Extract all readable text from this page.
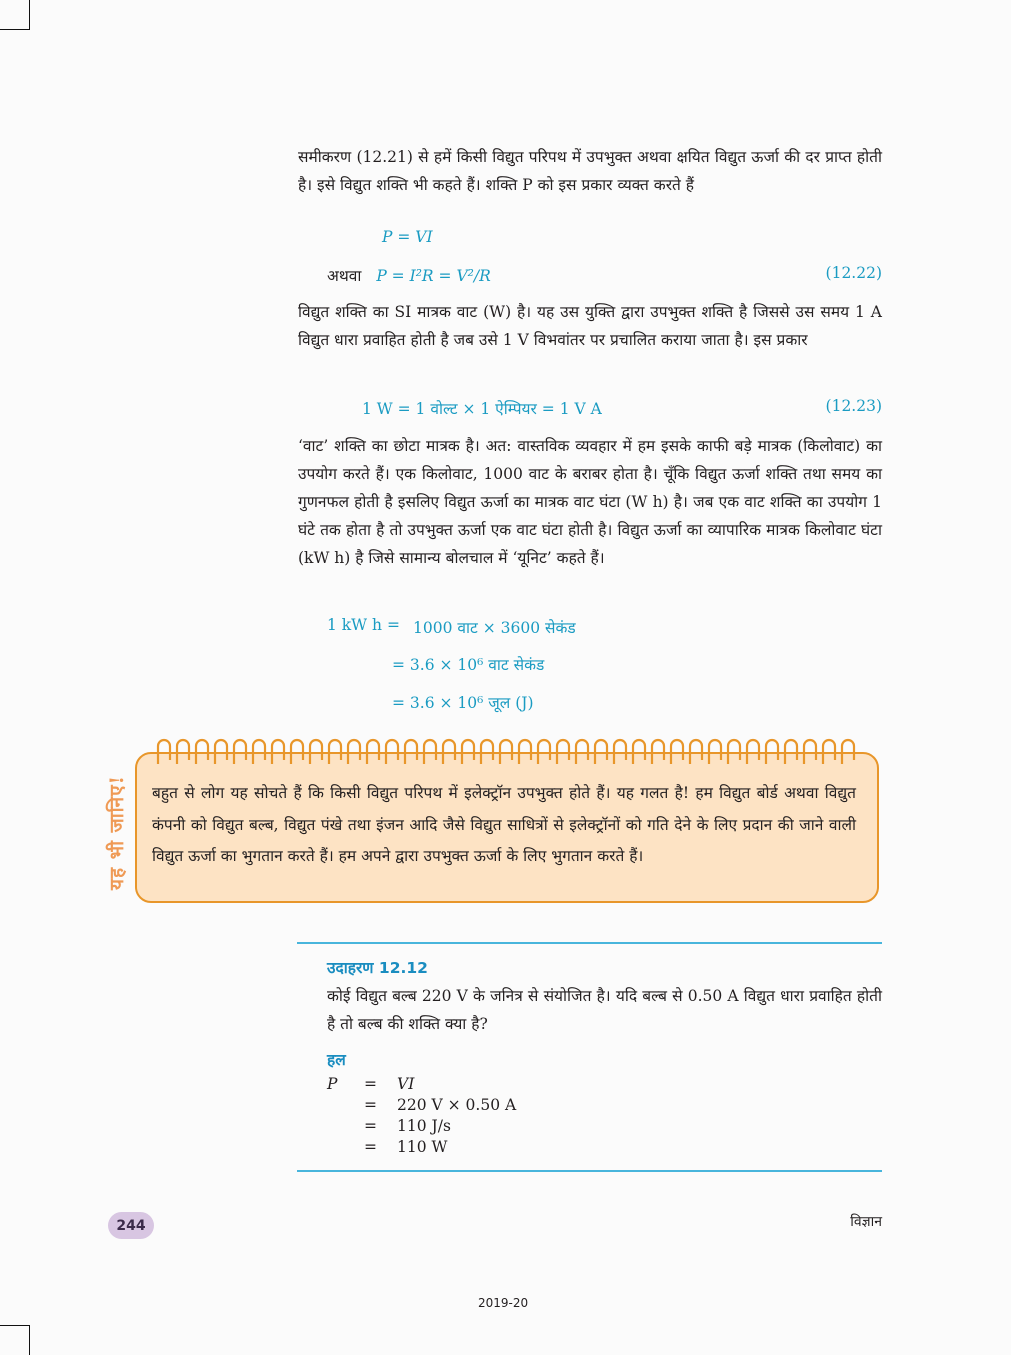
समीकरण (12.21) से हमें किसी विद्युत परिपथ में उपभुक्त अथवा क्षयित विद्युत ऊर्जा की दर प्राप्त होती है। इसे विद्युत शक्ति भी कहते हैं। शक्ति P को इस प्रकार व्यक्त करते हैं

P = VI
अथवा P = I²R = V²/R	(12.22)

विद्युत शक्ति का SI मात्रक वाट (W) है। यह उस युक्ति द्वारा उपभुक्त शक्ति है जिससे उस समय 1 A विद्युत धारा प्रवाहित होती है जब उसे 1 V विभवांतर पर प्रचालित कराया जाता है। इस प्रकार

1 W = 1 वोल्ट × 1 ऐम्पियर = 1 V A	(12.23)

‘वाट’ शक्ति का छोटा मात्रक है। अत: वास्तविक व्यवहार में हम इसके काफी बड़े मात्रक (किलोवाट) का उपयोग करते हैं। एक किलोवाट, 1000 वाट के बराबर होता है। चूँकि विद्युत ऊर्जा शक्ति तथा समय का गुणनफल होती है इसलिए विद्युत ऊर्जा का मात्रक वाट घंटा (W h) है। जब एक वाट शक्ति का उपयोग 1 घंटे तक होता है तो उपभुक्त ऊर्जा एक वाट घंटा होती है। विद्युत ऊर्जा का व्यापारिक मात्रक किलोवाट घंटा (kW h) है जिसे सामान्य बोलचाल में ‘यूनिट’ कहते हैं।

1 kW h = 1000 वाट × 3600 सेकंड
= 3.6 × 10⁶ वाट सेकंड
= 3.6 × 10⁶ जूल (J)
यह भी जानिए! बहुत से लोग यह सोचते हैं कि किसी विद्युत परिपथ में इलेक्ट्रॉन उपभुक्त होते हैं। यह गलत है! हम विद्युत बोर्ड अथवा विद्युत कंपनी को विद्युत बल्ब, विद्युत पंखे तथा इंजन आदि जैसे विद्युत साधित्रों से इलेक्ट्रॉनों को गति देने के लिए प्रदान की जाने वाली विद्युत ऊर्जा का भुगतान करते हैं। हम अपने द्वारा उपभुक्त ऊर्जा के लिए भुगतान करते हैं।

उदाहरण 12.12

कोई विद्युत बल्ब 220 V के जनित्र से संयोजित है। यदि बल्ब से 0.50 A विद्युत धारा प्रवाहित होती है तो बल्ब की शक्ति क्या है?

हल
P = VI
= 220 V × 0.50 A
= 110 J/s
= 110 W
244	विज्ञान
2019-20
